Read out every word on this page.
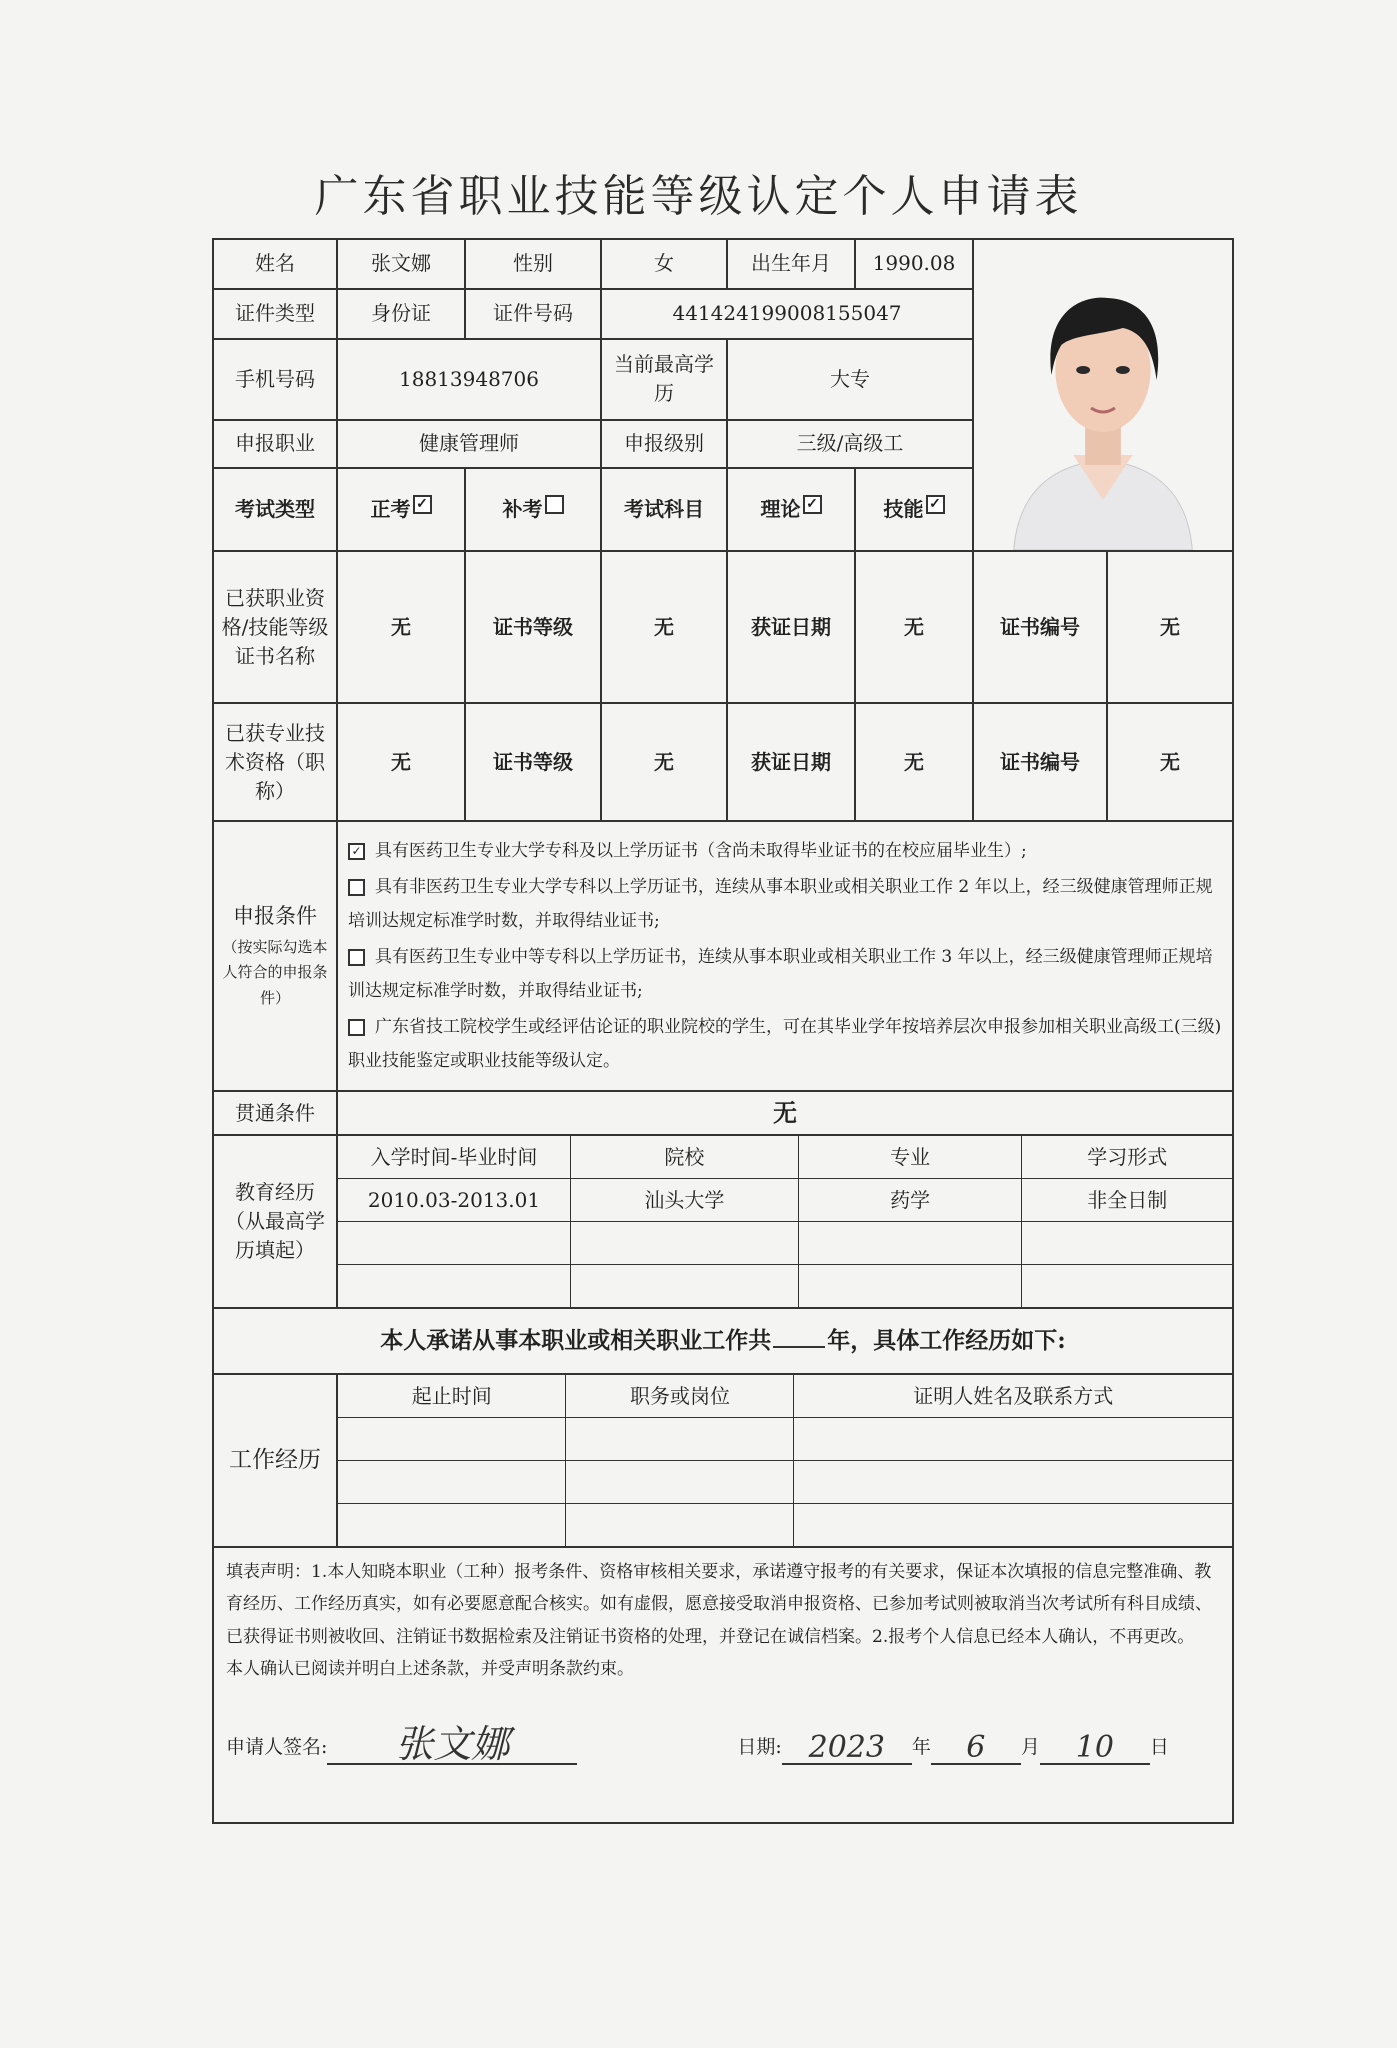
广东省职业技能等级认定个人申请表
姓名	张文娜	性别	女	出生年月	1990.08	

证件类型	身份证	证件号码	441424199008155047
手机号码	18813948706	当前最高学历	大专
申报职业	健康管理师	申报级别	三级/高级工
考试类型	正考 ✓	补考	考试科目	理论 ✓	技能 ✓
已获职业资格/技能等级证书名称	无	证书等级	无	获证日期	无	证书编号	无
已获专业技术资格（职称）	无	证书等级	无	获证日期	无	证书编号	无
申报条件
（按实际勾选本人符合的申报条件）

✓ 具有医药卫生专业大学专科及以上学历证书（含尚未取得毕业证书的在校应届毕业生）;

具有非医药卫生专业大学专科以上学历证书，连续从事本职业或相关职业工作 2 年以上，经三级健康管理师正规培训达规定标准学时数，并取得结业证书;

具有医药卫生专业中等专科以上学历证书，连续从事本职业或相关职业工作 3 年以上，经三级健康管理师正规培训达规定标准学时数，并取得结业证书;

广东省技工院校学生或经评估论证的职业院校的学生，可在其毕业学年按培养层次申报参加相关职业高级工(三级)职业技能鉴定或职业技能等级认定。

贯通条件	无
教育经历（从最高学历填起）	
入学时间-毕业时间	院校	专业	学习形式
2010.03-2013.01	汕头大学	药学	非全日制

本人承诺从事本职业或相关职业工作共 年，具体工作经历如下:
工作经历	
起止时间	职务或岗位	证明人姓名及联系方式

填表声明：1.本人知晓本职业（工种）报考条件、资格审核相关要求，承诺遵守报考的有关要求，保证本次填报的信息完整准确、教育经历、工作经历真实，如有必要愿意配合核实。如有虚假，愿意接受取消申报资格、已参加考试则被取消当次考试所有科目成绩、已获得证书则被收回、注销证书数据检索及注销证书资格的处理，并登记在诚信档案。2.报考个人信息已经本人确认，不再更改。
本人确认已阅读并明白上述条款，并受声明条款约束。
申请人签名:	张文娜	日期: 2023	年	6	月	10	日
